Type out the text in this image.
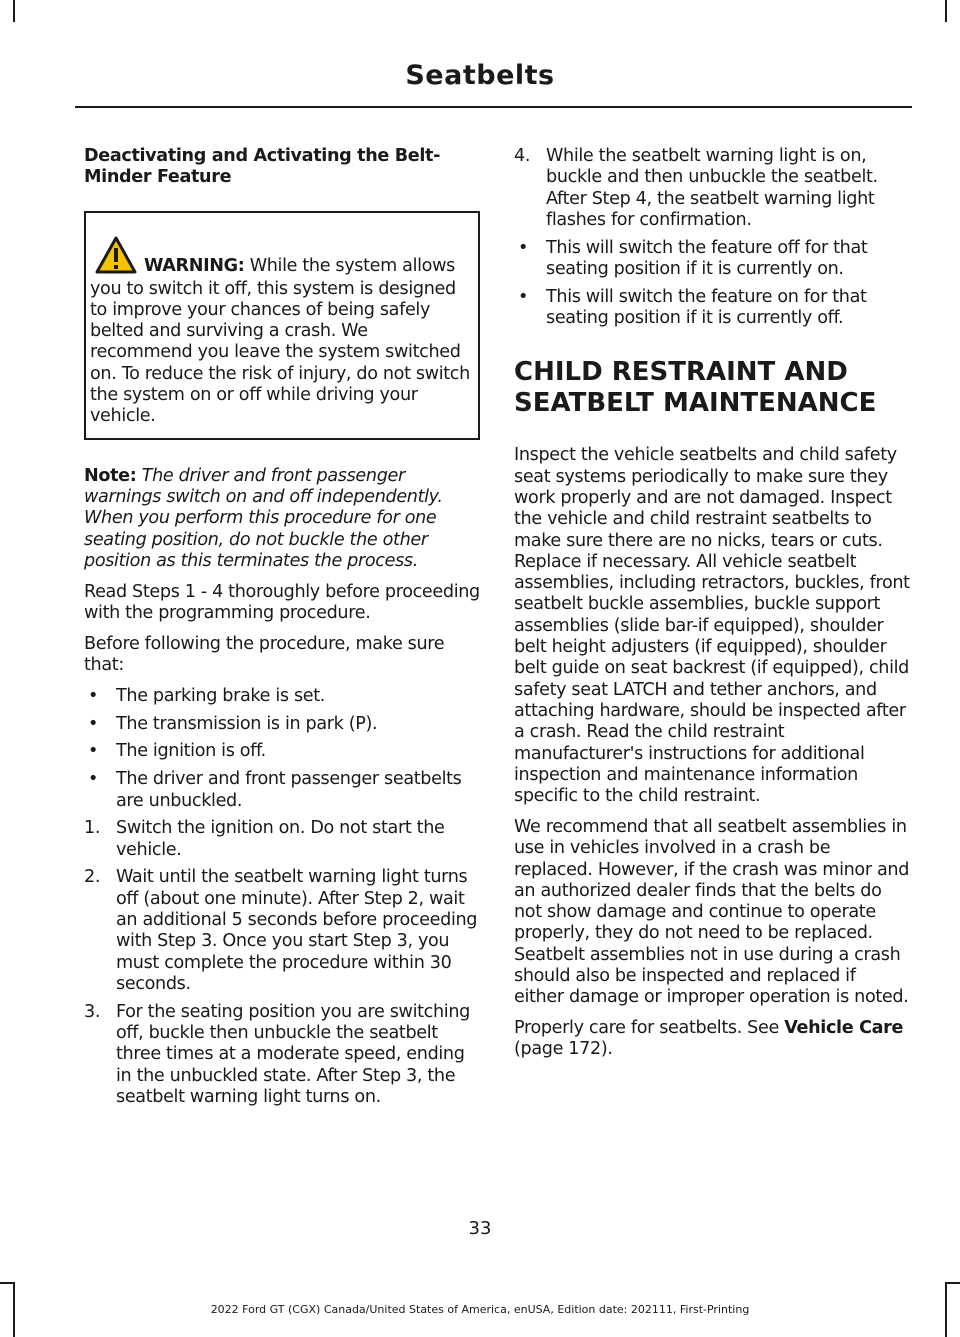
Seatbelts
Deactivating and Activating the Belt-Minder Feature
WARNING: While the system allows you to switch it off, this system is designed to improve your chances of being safely belted and surviving a crash. We recommend you leave the system switched on. To reduce the risk of injury, do not switch the system on or off while driving your vehicle.

Note: The driver and front passenger warnings switch on and off independently. When you perform this procedure for one seating position, do not buckle the other position as this terminates the process.

Read Steps 1 - 4 thoroughly before proceeding with the programming procedure.

Before following the procedure, make sure that:

• The parking brake is set.
• The transmission is in park (P).
• The ignition is off.
• The driver and front passenger seatbelts are unbuckled.
1. Switch the ignition on. Do not start the vehicle.
2. Wait until the seatbelt warning light turns off (about one minute). After Step 2, wait an additional 5 seconds before proceeding with Step 3. Once you start Step 3, you must complete the procedure within 30 seconds.
3. For the seating position you are switching off, buckle then unbuckle the seatbelt three times at a moderate speed, ending in the unbuckled state. After Step 3, the seatbelt warning light turns on.
4. While the seatbelt warning light is on, buckle and then unbuckle the seatbelt. After Step 4, the seatbelt warning light flashes for confirmation.
• This will switch the feature off for that seating position if it is currently on.
• This will switch the feature on for that seating position if it is currently off.
CHILD RESTRAINT AND
SEATBELT MAINTENANCE

Inspect the vehicle seatbelts and child safety seat systems periodically to make sure they work properly and are not damaged. Inspect the vehicle and child restraint seatbelts to make sure there are no nicks, tears or cuts. Replace if necessary. All vehicle seatbelt assemblies, including retractors, buckles, front seatbelt buckle assemblies, buckle support assemblies (slide bar-if equipped), shoulder belt height adjusters (if equipped), shoulder belt guide on seat backrest (if equipped), child safety seat LATCH and tether anchors, and attaching hardware, should be inspected after a crash. Read the child restraint manufacturer's instructions for additional inspection and maintenance information specific to the child restraint.

We recommend that all seatbelt assemblies in use in vehicles involved in a crash be replaced. However, if the crash was minor and an authorized dealer finds that the belts do not show damage and continue to operate properly, they do not need to be replaced. Seatbelt assemblies not in use during a crash should also be inspected and replaced if either damage or improper operation is noted.

Properly care for seatbelts. See Vehicle Care (page 172).

33
2022 Ford GT (CGX) Canada/United States of America, enUSA, Edition date: 202111, First-Printing
